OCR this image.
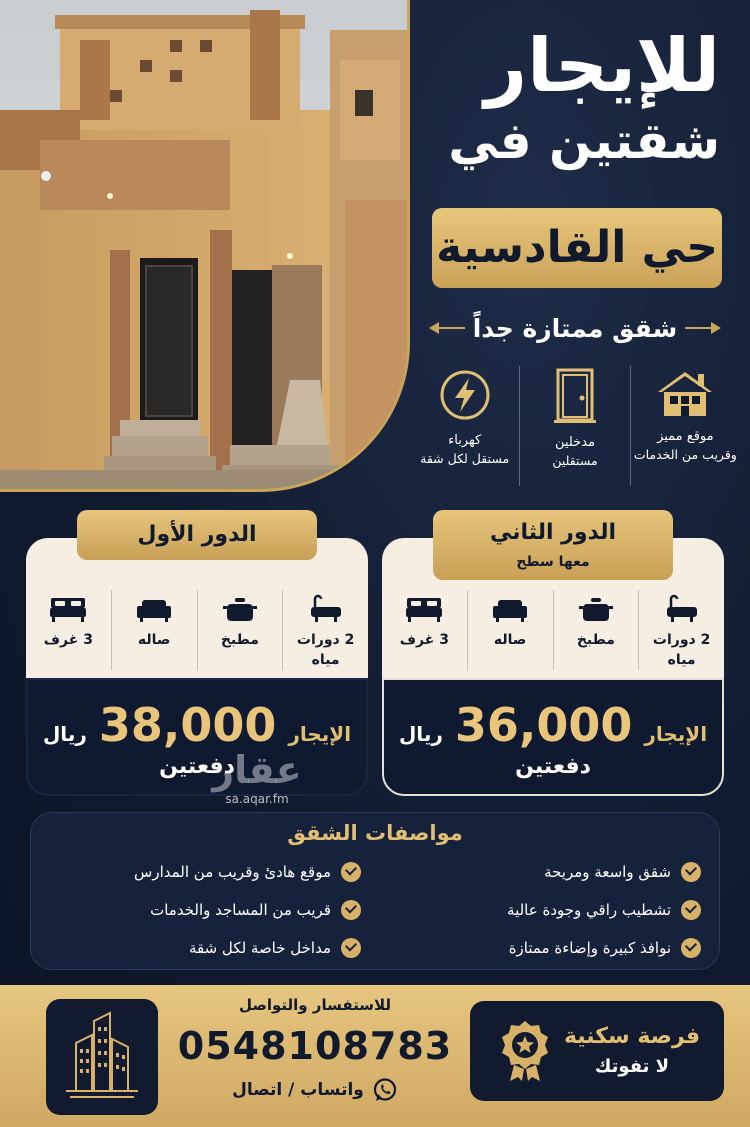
للإيجار
شقتين في
حي القادسية
شقق ممتازة جداً
موقع مميز
وقريب من الخدمات
مدخلين
مستقلين
كهرباء
مستقل لكل شقة
2 دورات مياه
مطبخ
صاله
3 غرف
الدور الثاني
معها سطح
الإيجار
36,000
ريال
دفعتين
2 دورات مياه
مطبخ
صاله
3 غرف
الدور الأول
الإيجار
38,000
ريال
دفعتين
عقار
sa.aqar.fm
مواصفات الشقق
شقق واسعة ومريحة
موقع هادئ وقريب من المدارس
تشطيب راقي وجودة عالية
قريب من المساجد والخدمات
نوافذ كبيرة وإضاءة ممتازة
مداخل خاصة لكل شقة
للاستفسار والتواصل
0548108783
واتساب / اتصال
فرصة سكنية
لا تفوتك
